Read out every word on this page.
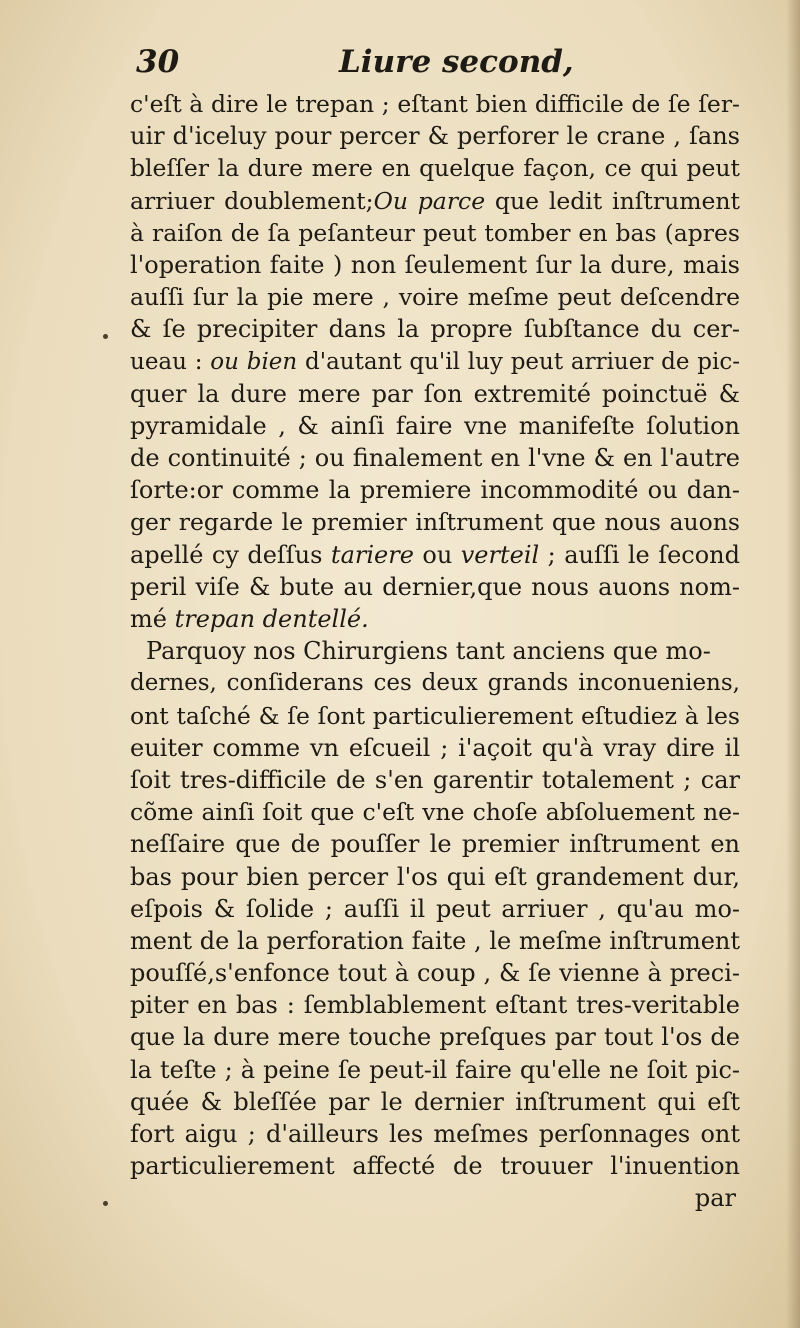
30	Liure second,
c'eſt à dire le trepan ; eſtant bien difficile de ſe ſer-
uir d'iceluy pour percer & perforer le crane , ſans
bleſſer la dure mere en quelque façon, ce qui peut
arriuer doublement;Ou parce que ledit inſtrument
à raiſon de ſa peſanteur peut tomber en bas (apres
l'operation faite ) non ſeulement ſur la dure, mais
auſſi ſur la pie mere , voire meſme peut deſcendre
& ſe precipiter dans la propre ſubſtance du cer-
ueau : ou bien d'autant qu'il luy peut arriuer de pic-
quer la dure mere par ſon extremité poinctuë &
pyramidale , & ainſi faire vne manifeſte ſolution
de continuité ; ou finalement en l'vne & en l'autre
ſorte:or comme la premiere incommodité ou dan-
ger regarde le premier inſtrument que nous auons
apellé cy deſſus tariere ou verteil ; auſſi le ſecond
peril viſe & bute au dernier,que nous auons nom-
mé trepan dentellé.
Parquoy nos Chirurgiens tant anciens que mo-
dernes, conſiderans ces deux grands inconueniens,
ont taſché & ſe ſont particulierement eſtudiez à les
euiter comme vn eſcueil ; i'açoit qu'à vray dire il
ſoit tres-difficile de s'en garentir totalement ; car
cõme ainſi ſoit que c'eſt vne choſe abſoluement ne-
neſſaire que de pouſſer le premier inſtrument en
bas pour bien percer l'os qui eſt grandement dur,
eſpois & ſolide ; auſſi il peut arriuer , qu'au mo-
ment de la perforation faite , le meſme inſtrument
pouſſé,s'enfonce tout à coup , & ſe vienne à preci-
piter en bas : ſemblablement eſtant tres-veritable
que la dure mere touche preſques par tout l'os de
la teſte ; à peine ſe peut-il faire qu'elle ne ſoit pic-
quée & bleſſée par le dernier inſtrument qui eſt
fort aigu ; d'ailleurs les meſmes perſonnages ont
particulierement affecté de trouuer l'inuention
par
